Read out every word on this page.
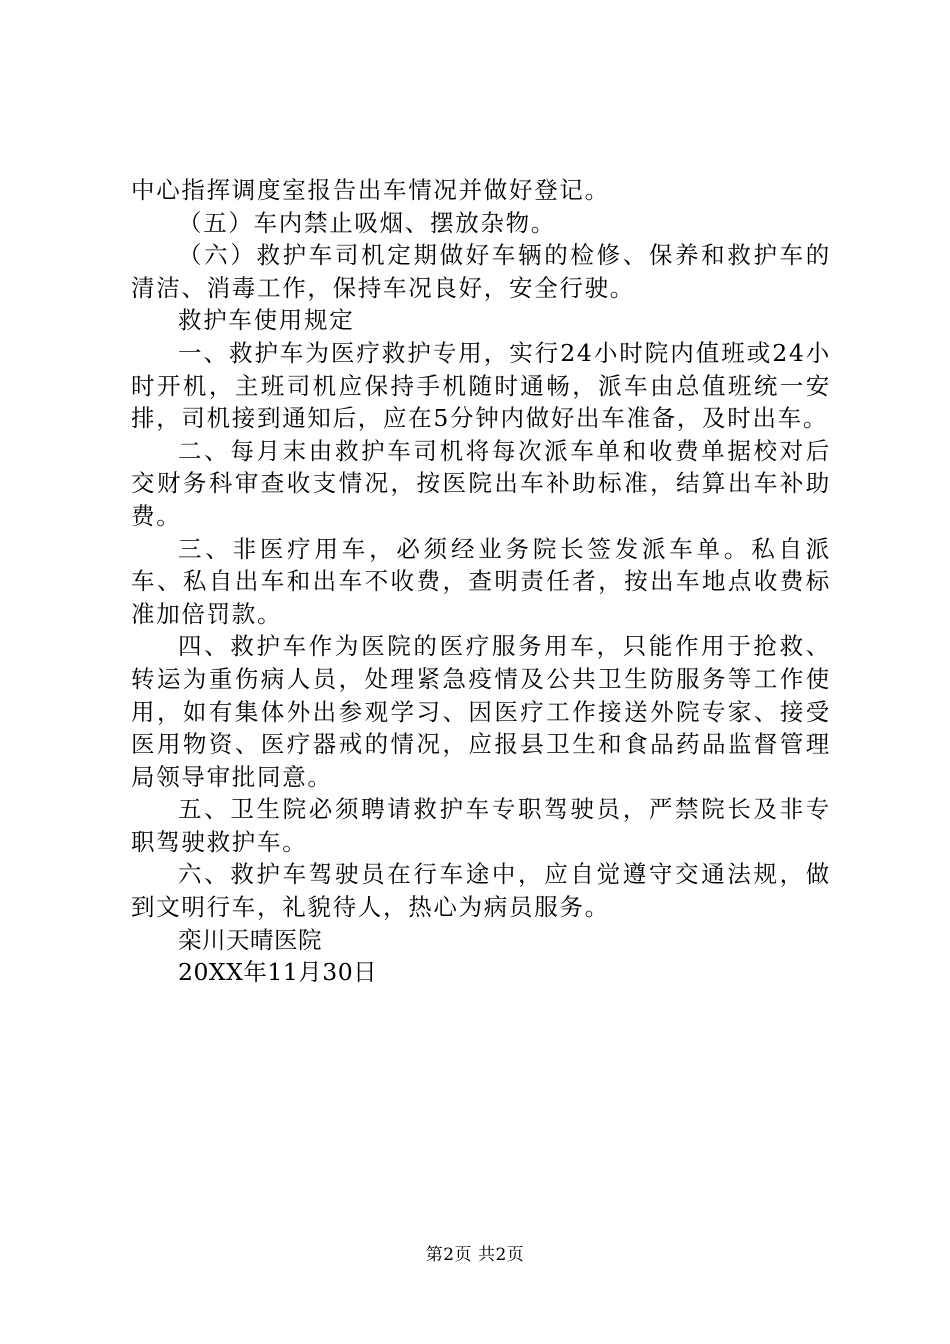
中心指挥调度室报告出车情况并做好登记。

（五）车内禁止吸烟、摆放杂物。

（六）救护车司机定期做好车辆的检修、保养和救护车的清洁、消毒工作，保持车况良好，安全行驶。

救护车使用规定

一、救护车为医疗救护专用，实行24小时院内值班或24小时开机，主班司机应保持手机随时通畅，派车由总值班统一安排，司机接到通知后，应在5分钟内做好出车准备，及时出车。

二、每月末由救护车司机将每次派车单和收费单据校对后交财务科审查收支情况，按医院出车补助标准，结算出车补助费。

三、非医疗用车，必须经业务院长签发派车单。私自派车、私自出车和出车不收费，查明责任者，按出车地点收费标准加倍罚款。

四、救护车作为医院的医疗服务用车，只能作用于抢救、转运为重伤病人员，处理紧急疫情及公共卫生防服务等工作使用，如有集体外出参观学习、因医疗工作接送外院专家、接受医用物资、医疗器戒的情况，应报县卫生和食品药品监督管理局领导审批同意。

五、卫生院必须聘请救护车专职驾驶员，严禁院长及非专职驾驶救护车。

六、救护车驾驶员在行车途中，应自觉遵守交通法规，做到文明行车，礼貌待人，热心为病员服务。

栾川天晴医院

20XX年11月30日

第2页 共2页
